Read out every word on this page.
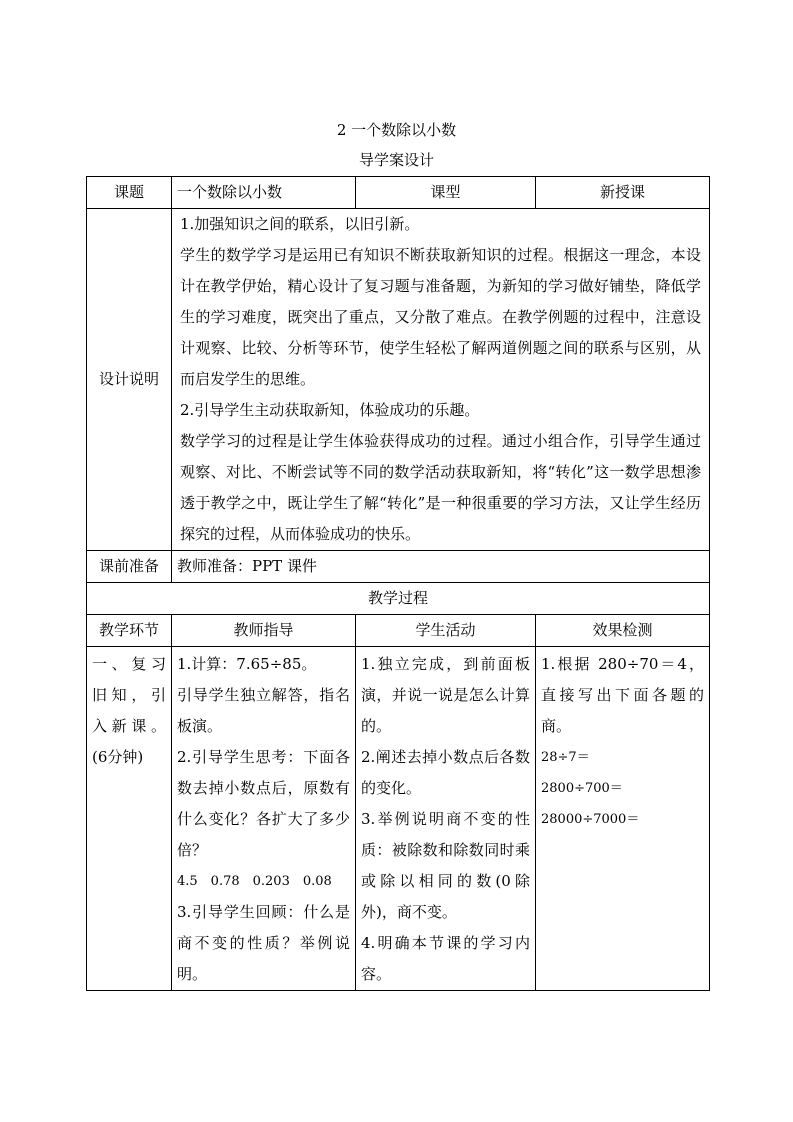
2 一个数除以小数
导学案设计
课题	一个数除以小数	课型	新授课
设计说明	1.加强知识之间的联系，以旧引新。
学生的数学学习是运用已有知识不断获取新知识的过程。根据这一理念，本设计在教学伊始，精心设计了复习题与准备题，为新知的学习做好铺垫，降低学生的学习难度，既突出了重点，又分散了难点。在教学例题的过程中，注意设计观察、比较、分析等环节，使学生轻松了解两道例题之间的联系与区别，从而启发学生的思维。
2.引导学生主动获取新知，体验成功的乐趣。
数学学习的过程是让学生体验获得成功的过程。通过小组合作，引导学生通过观察、对比、不断尝试等不同的数学活动获取新知，将“转化”这一数学思想渗透于教学之中，既让学生了解“转化”是一种很重要的学习方法，又让学生经历探究的过程，从而体验成功的快乐。		

课前准备	教师准备：PPT 课件		
教学过程			
教学环节	教师指导	学生活动	效果检测
一、复习旧知，引入新课。(6分钟)	1.计算：7.65÷85。
引导学生独立解答，指名板演。
2.引导学生思考：下面各数去掉小数点后，原数有什么变化？各扩大了多少倍？
4.5　0.78　0.203　0.08
3.引导学生回顾：什么是商不变的性质？举例说明。	1.独立完成，到前面板演，并说一说是怎么计算的。
2.阐述去掉小数点后各数的变化。
3.举例说明商不变的性质：被除数和除数同时乘或除以相同的数(0除外)，商不变。
4.明确本节课的学习内容。	1.根据 280÷70＝4，直接写出下面各题的商。
28÷7＝
2800÷700＝
28000÷7000＝
